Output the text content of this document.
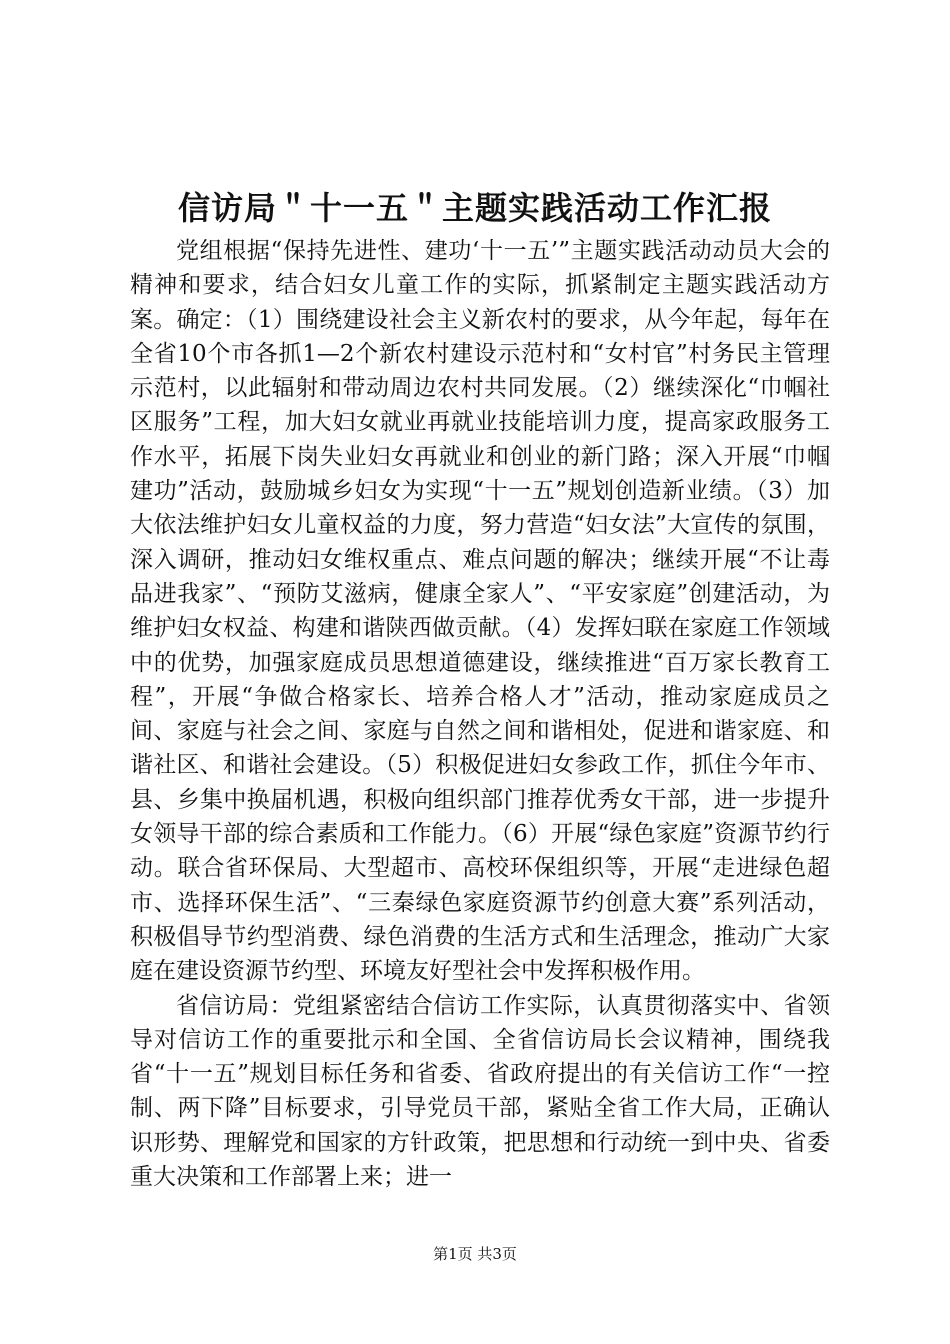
信访局＂十一五＂主题实践活动工作汇报

党组根据“保持先进性、建功‘十一五’”主题实践活动动员大会的精神和要求，结合妇女儿童工作的实际，抓紧制定主题实践活动方案。确定：（1）围绕建设社会主义新农村的要求，从今年起，每年在全省10个市各抓1—2个新农村建设示范村和“女村官”村务民主管理示范村，以此辐射和带动周边农村共同发展。（2）继续深化“巾帼社区服务”工程，加大妇女就业再就业技能培训力度，提高家政服务工作水平，拓展下岗失业妇女再就业和创业的新门路；深入开展“巾帼建功”活动，鼓励城乡妇女为实现“十一五”规划创造新业绩。（3）加大依法维护妇女儿童权益的力度，努力营造“妇女法”大宣传的氛围，深入调研，推动妇女维权重点、难点问题的解决；继续开展“不让毒品进我家”、“预防艾滋病，健康全家人”、“平安家庭”创建活动，为维护妇女权益、构建和谐陕西做贡献。（4）发挥妇联在家庭工作领域中的优势，加强家庭成员思想道德建设，继续推进“百万家长教育工程”，开展“争做合格家长、培养合格人才”活动，推动家庭成员之间、家庭与社会之间、家庭与自然之间和谐相处，促进和谐家庭、和谐社区、和谐社会建设。（5）积极促进妇女参政工作，抓住今年市、县、乡集中换届机遇，积极向组织部门推荐优秀女干部，进一步提升女领导干部的综合素质和工作能力。（6）开展“绿色家庭”资源节约行动。联合省环保局、大型超市、高校环保组织等，开展“走进绿色超市、选择环保生活”、“三秦绿色家庭资源节约创意大赛”系列活动，积极倡导节约型消费、绿色消费的生活方式和生活理念，推动广大家庭在建设资源节约型、环境友好型社会中发挥积极作用。

省信访局：党组紧密结合信访工作实际，认真贯彻落实中、省领导对信访工作的重要批示和全国、全省信访局长会议精神，围绕我省“十一五”规划目标任务和省委、省政府提出的有关信访工作“一控制、两下降”目标要求，引导党员干部，紧贴全省工作大局，正确认识形势、理解党和国家的方针政策，把思想和行动统一到中央、省委重大决策和工作部署上来；进一

第1页 共3页
